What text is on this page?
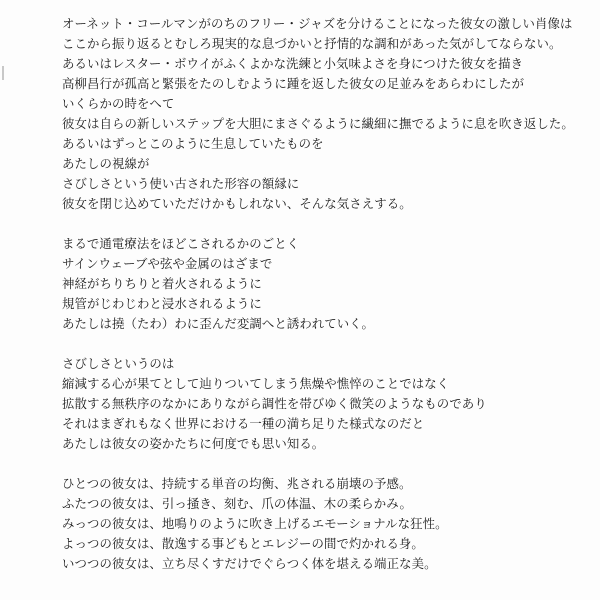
オーネット・コールマンがのちのフリー・ジャズを分けることになった彼女の激しい肖像は
ここから振り返るとむしろ現実的な息づかいと抒情的な調和があった気がしてならない。
あるいはレスター・ボウイがふくよかな洗練と小気味よさを身につけた彼女を描き
高柳昌行が孤高と緊張をたのしむように踵を返した彼女の足並みをあらわにしたが
いくらかの時をへて
彼女は自らの新しいステップを大胆にまさぐるように繊細に撫でるように息を吹き返した。
あるいはずっとこのように生息していたものを
あたしの視線が
さびしさという使い古された形容の額縁に
彼女を閉じ込めていただけかもしれない、そんな気さえする。
まるで通電療法をほどこされるかのごとく
サインウェーブや弦や金属のはざまで
神経がちりちりと着火されるように
規管がじわじわと浸水されるように
あたしは撓（たわ）わに歪んだ変調へと誘われていく。
さびしさというのは
縮減する心が果てとして辿りついてしまう焦燥や憔悴のことではなく
拡散する無秩序のなかにありながら調性を帯びゆく微笑のようなものであり
それはまぎれもなく世界における一種の満ち足りた様式なのだと
あたしは彼女の姿かたちに何度でも思い知る。
ひとつの彼女は、持続する単音の均衡、兆される崩壊の予感。
ふたつの彼女は、引っ掻き、刻む、爪の体温、木の柔らかみ。
みっつの彼女は、地鳴りのように吹き上げるエモーショナルな狂性。
よっつの彼女は、散逸する事どもとエレジーの間で灼かれる身。
いつつの彼女は、立ち尽くすだけでぐらつく体を堪える端正な美。
